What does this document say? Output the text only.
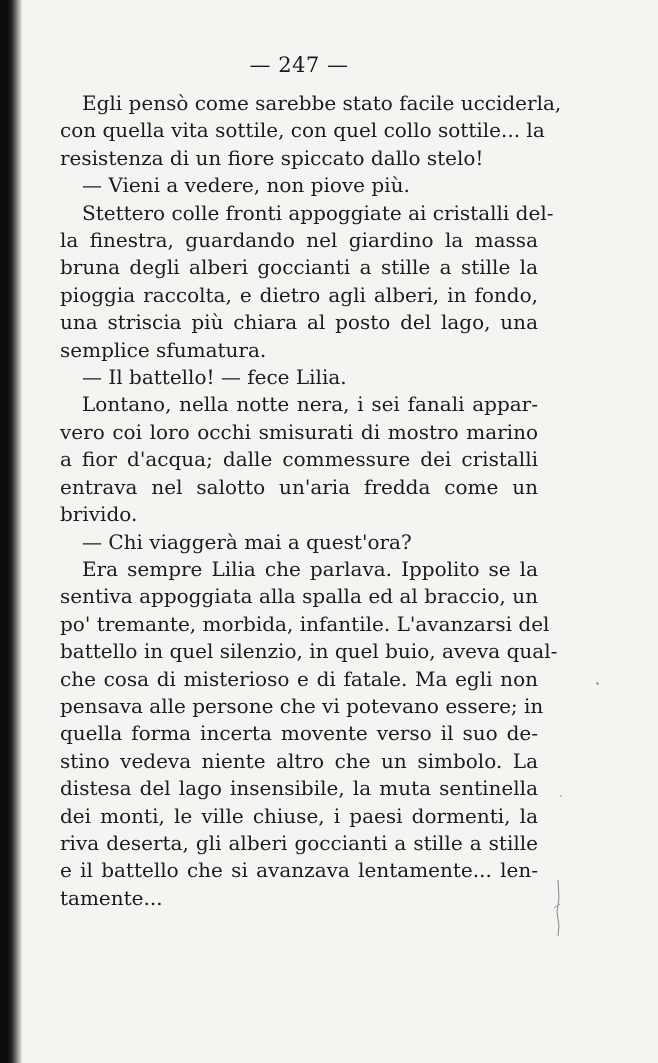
— 247 —
Egli pensò come sarebbe stato facile ucciderla,
con quella vita sottile, con quel collo sottile... la
resistenza di un fiore spiccato dallo stelo!
— Vieni a vedere, non piove più.
Stettero colle fronti appoggiate ai cristalli del-
la finestra, guardando nel giardino la massa
bruna degli alberi goccianti a stille a stille la
pioggia raccolta, e dietro agli alberi, in fondo,
una striscia più chiara al posto del lago, una
semplice sfumatura.
— Il battello! — fece Lilia.
Lontano, nella notte nera, i sei fanali appar-
vero coi loro occhi smisurati di mostro marino
a fior d'acqua; dalle commessure dei cristalli
entrava nel salotto un'aria fredda come un
brivido.
— Chi viaggerà mai a quest'ora?
Era sempre Lilia che parlava. Ippolito se la
sentiva appoggiata alla spalla ed al braccio, un
po' tremante, morbida, infantile. L'avanzarsi del
battello in quel silenzio, in quel buio, aveva qual-
che cosa di misterioso e di fatale. Ma egli non
pensava alle persone che vi potevano essere; in
quella forma incerta movente verso il suo de-
stino vedeva niente altro che un simbolo. La
distesa del lago insensibile, la muta sentinella
dei monti, le ville chiuse, i paesi dormenti, la
riva deserta, gli alberi goccianti a stille a stille
e il battello che si avanzava lentamente... len-
tamente...
